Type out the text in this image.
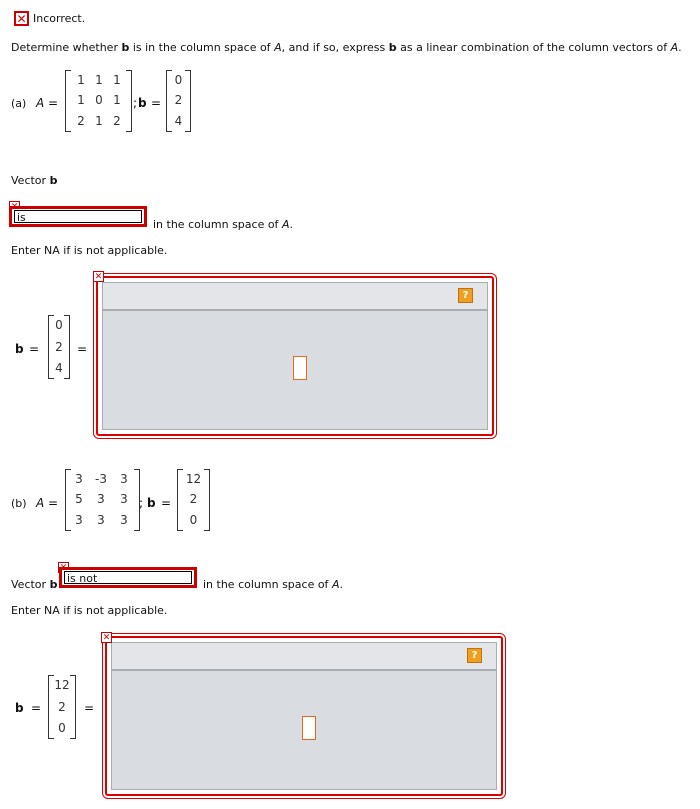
✕ Incorrect.
Determine whether b is in the column space of A, and if so, express b as a linear combination of the column vectors of A.
(a) A =
1 1 1
1 0 1
2 1 2
; b =
0
2
4
Vector b
is
in the column space of A.
Enter NA if is not applicable.
b =
0
2
4
=
✕
?
(b) A =
3	-3	3
5	3	3
3	3	3
; b =
12
2
0
Vector b is not	in the column space of A.
Enter NA if is not applicable.
b =
12
2
0
=
✕
?
